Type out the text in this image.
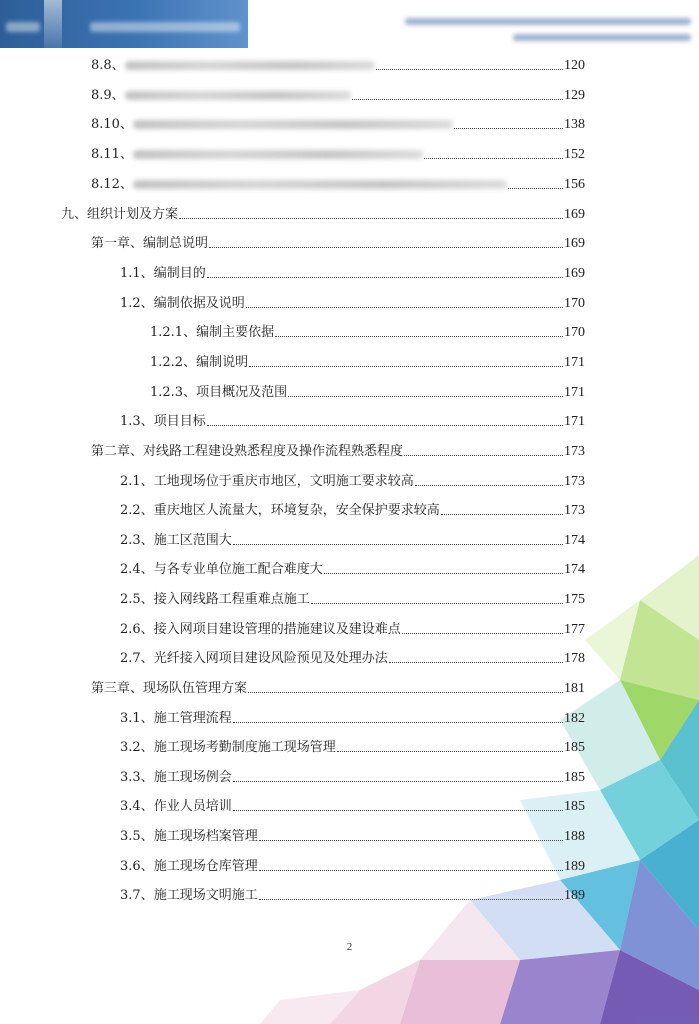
8.8、	120
8.9、	129
8.10、	138
8.11、	152
8.12、	156
九、组织计划及方案	169
第一章、编制总说明	169
1.1、 编制目的	169
1.2、 编制依据及说明	170
1.2.1、 编制主要依据	170
1.2.2、 编制说明	171
1.2.3、 项目概况及范围	171
1.3、 项目目标	171
第二章、对线路工程建设熟悉程度及操作流程熟悉程度	173
2.1、 工地现场位于重庆市地区，文明施工要求较高	173
2.2、 重庆地区人流量大，环境复杂，安全保护要求较高	173
2.3、 施工区范围大	174
2.4、 与各专业单位施工配合难度大	174
2.5、 接入网线路工程重难点施工	175
2.6、 接入网项目建设管理的措施建议及建设难点	177
2.7、 光纤接入网项目建设风险预见及处理办法	178
第三章、现场队伍管理方案	181
3.1、 施工管理流程	182
3.2、 施工现场考勤制度施工现场管理	185
3.3、 施工现场例会	185
3.4、 作业人员培训	185
3.5、 施工现场档案管理	188
3.6、 施工现场仓库管理	189
3.7、 施工现场文明施工	189
2
